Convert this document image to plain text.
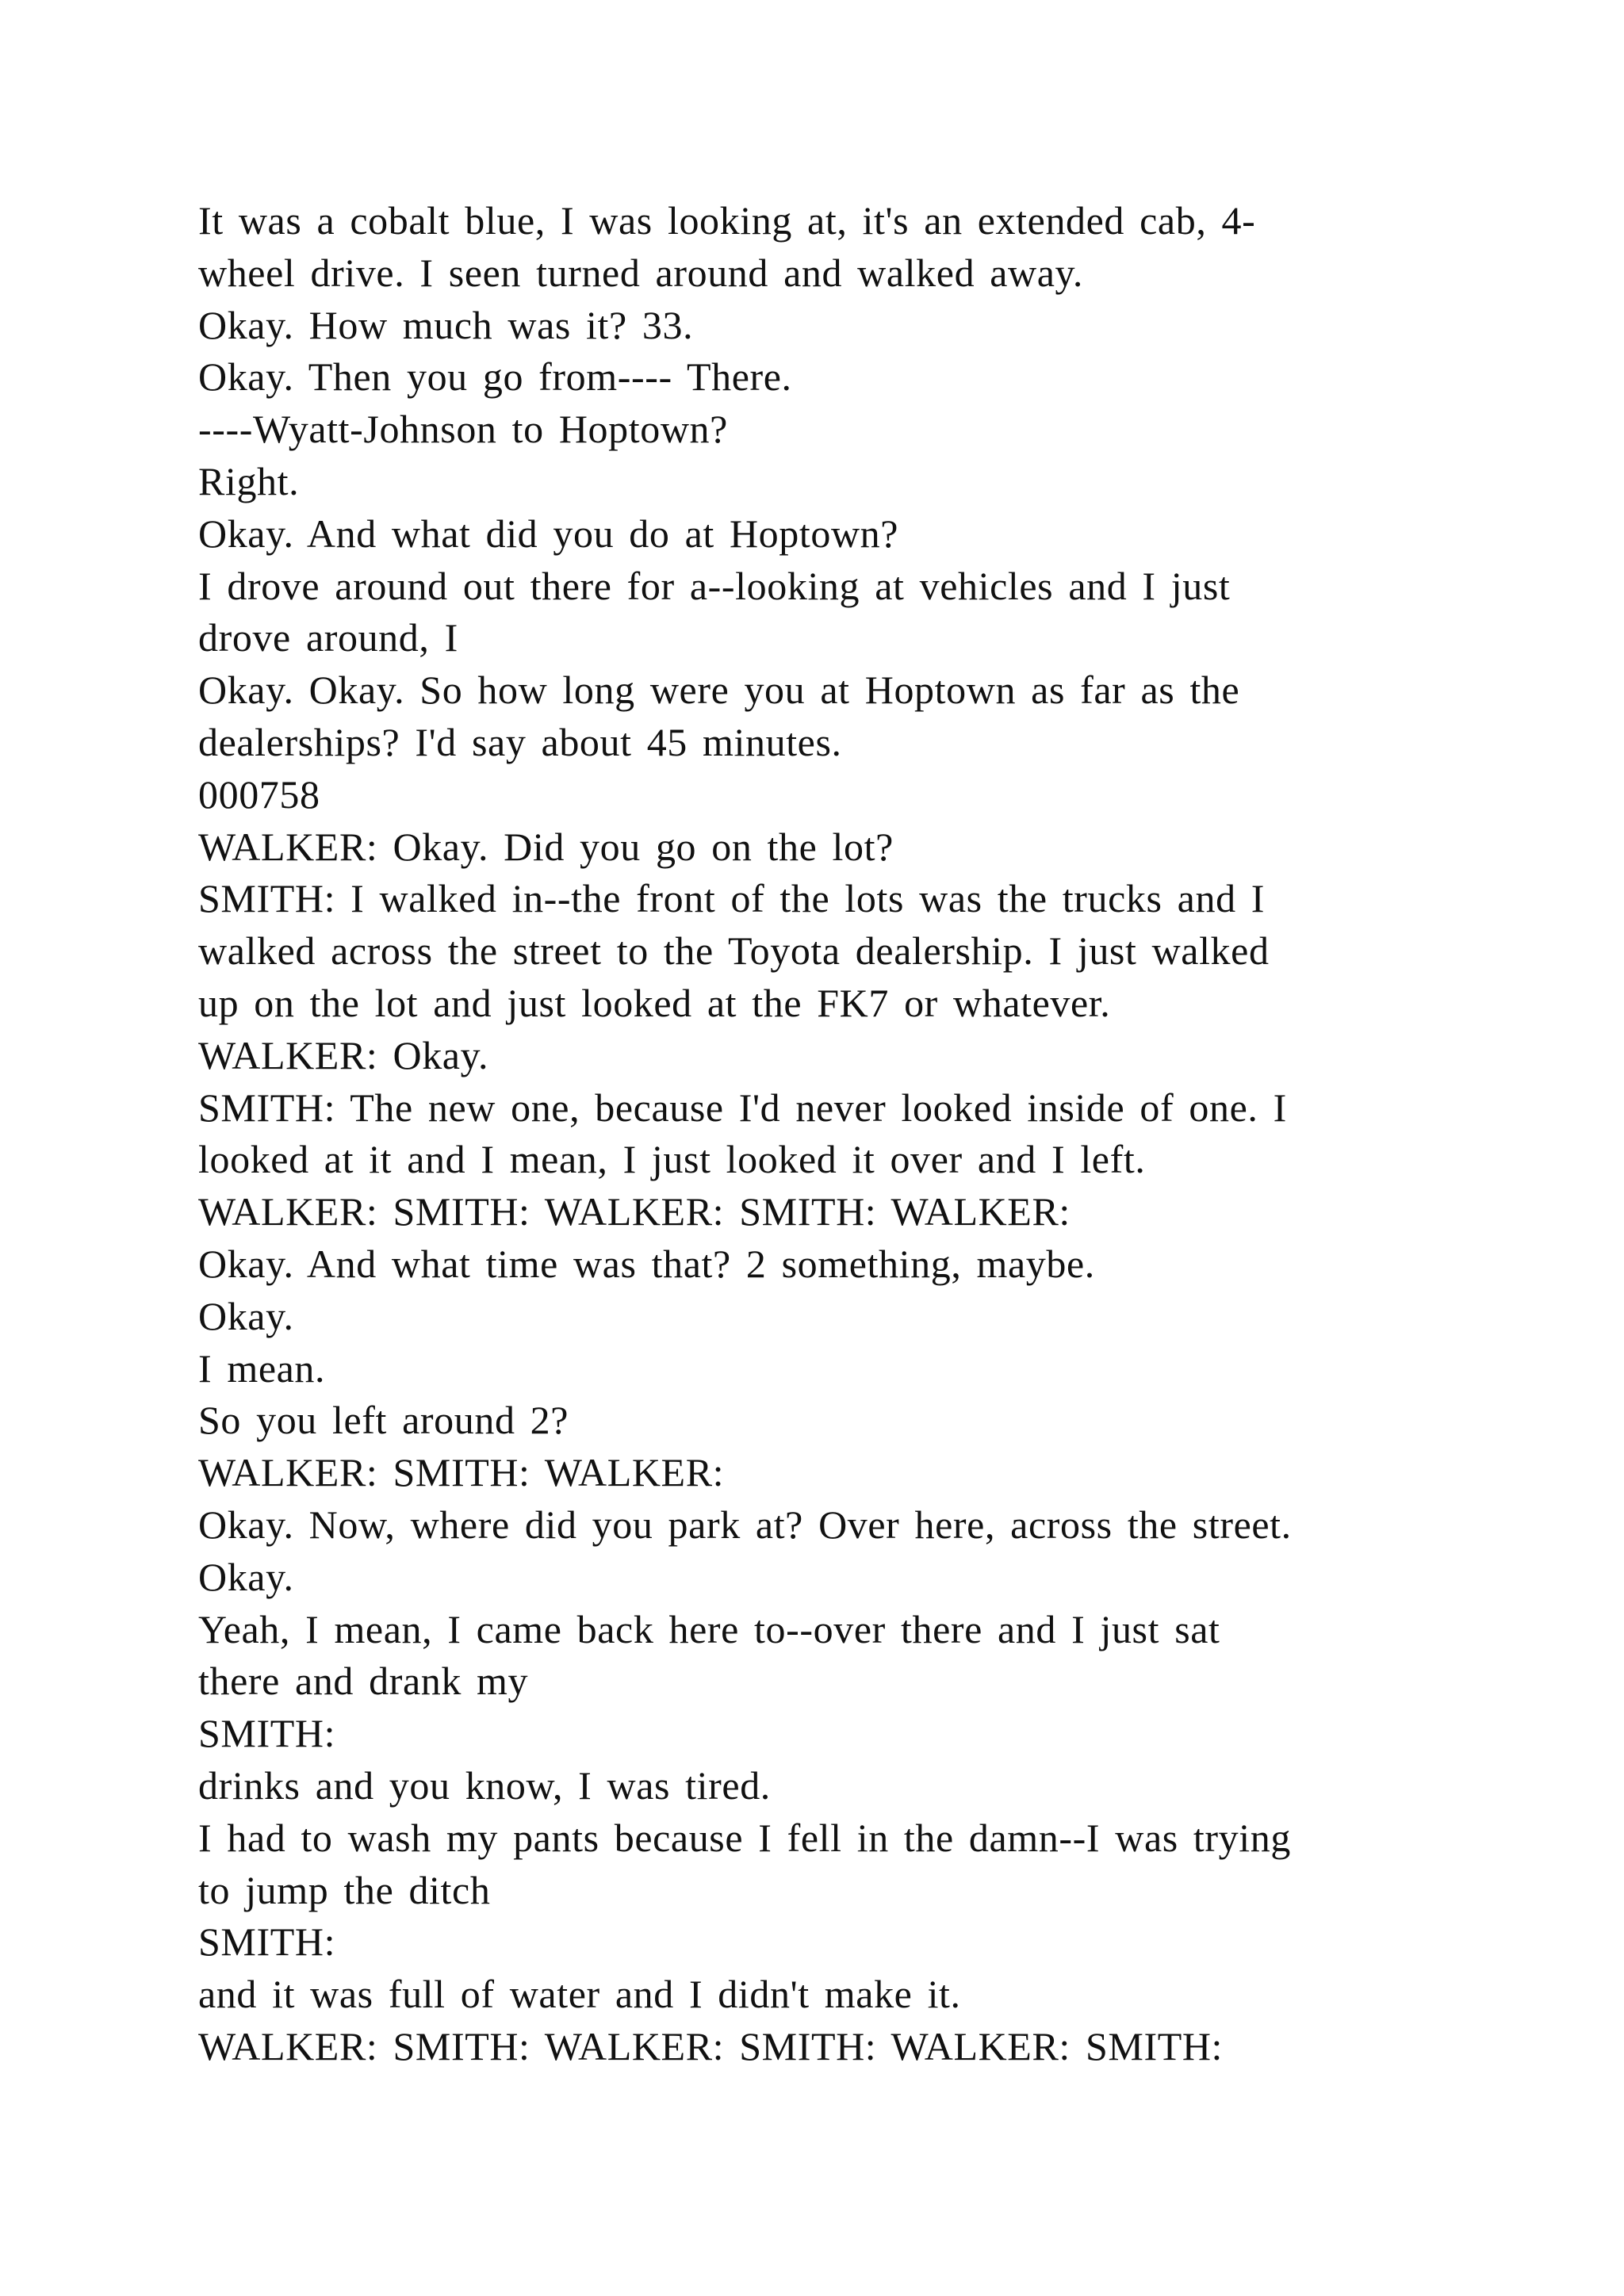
It was a cobalt blue, I was looking at, it's an extended cab, 4-
wheel drive. I seen turned around and walked away.
Okay. How much was it? 33.
Okay. Then you go from---- There.
----Wyatt-Johnson to Hoptown?
Right.
Okay. And what did you do at Hoptown?
I drove around out there for a--looking at vehicles and I just
drove around, I
Okay. Okay. So how long were you at Hoptown as far as the
dealerships? I'd say about 45 minutes.
000758
WALKER: Okay. Did you go on the lot?
SMITH: I walked in--the front of the lots was the trucks and I
walked across the street to the Toyota dealership. I just walked
up on the lot and just looked at the FK7 or whatever.
WALKER: Okay.
SMITH: The new one, because I'd never looked inside of one. I
looked at it and I mean, I just looked it over and I left.
WALKER: SMITH: WALKER: SMITH: WALKER:
Okay. And what time was that? 2 something, maybe.
Okay.
I mean.
So you left around 2?
WALKER: SMITH: WALKER:
Okay. Now, where did you park at? Over here, across the street.
Okay.
Yeah, I mean, I came back here to--over there and I just sat
there and drank my
SMITH:
drinks and you know, I was tired.
I had to wash my pants because I fell in the damn--I was trying
to jump the ditch
SMITH:
and it was full of water and I didn't make it.
WALKER: SMITH: WALKER: SMITH: WALKER: SMITH:
